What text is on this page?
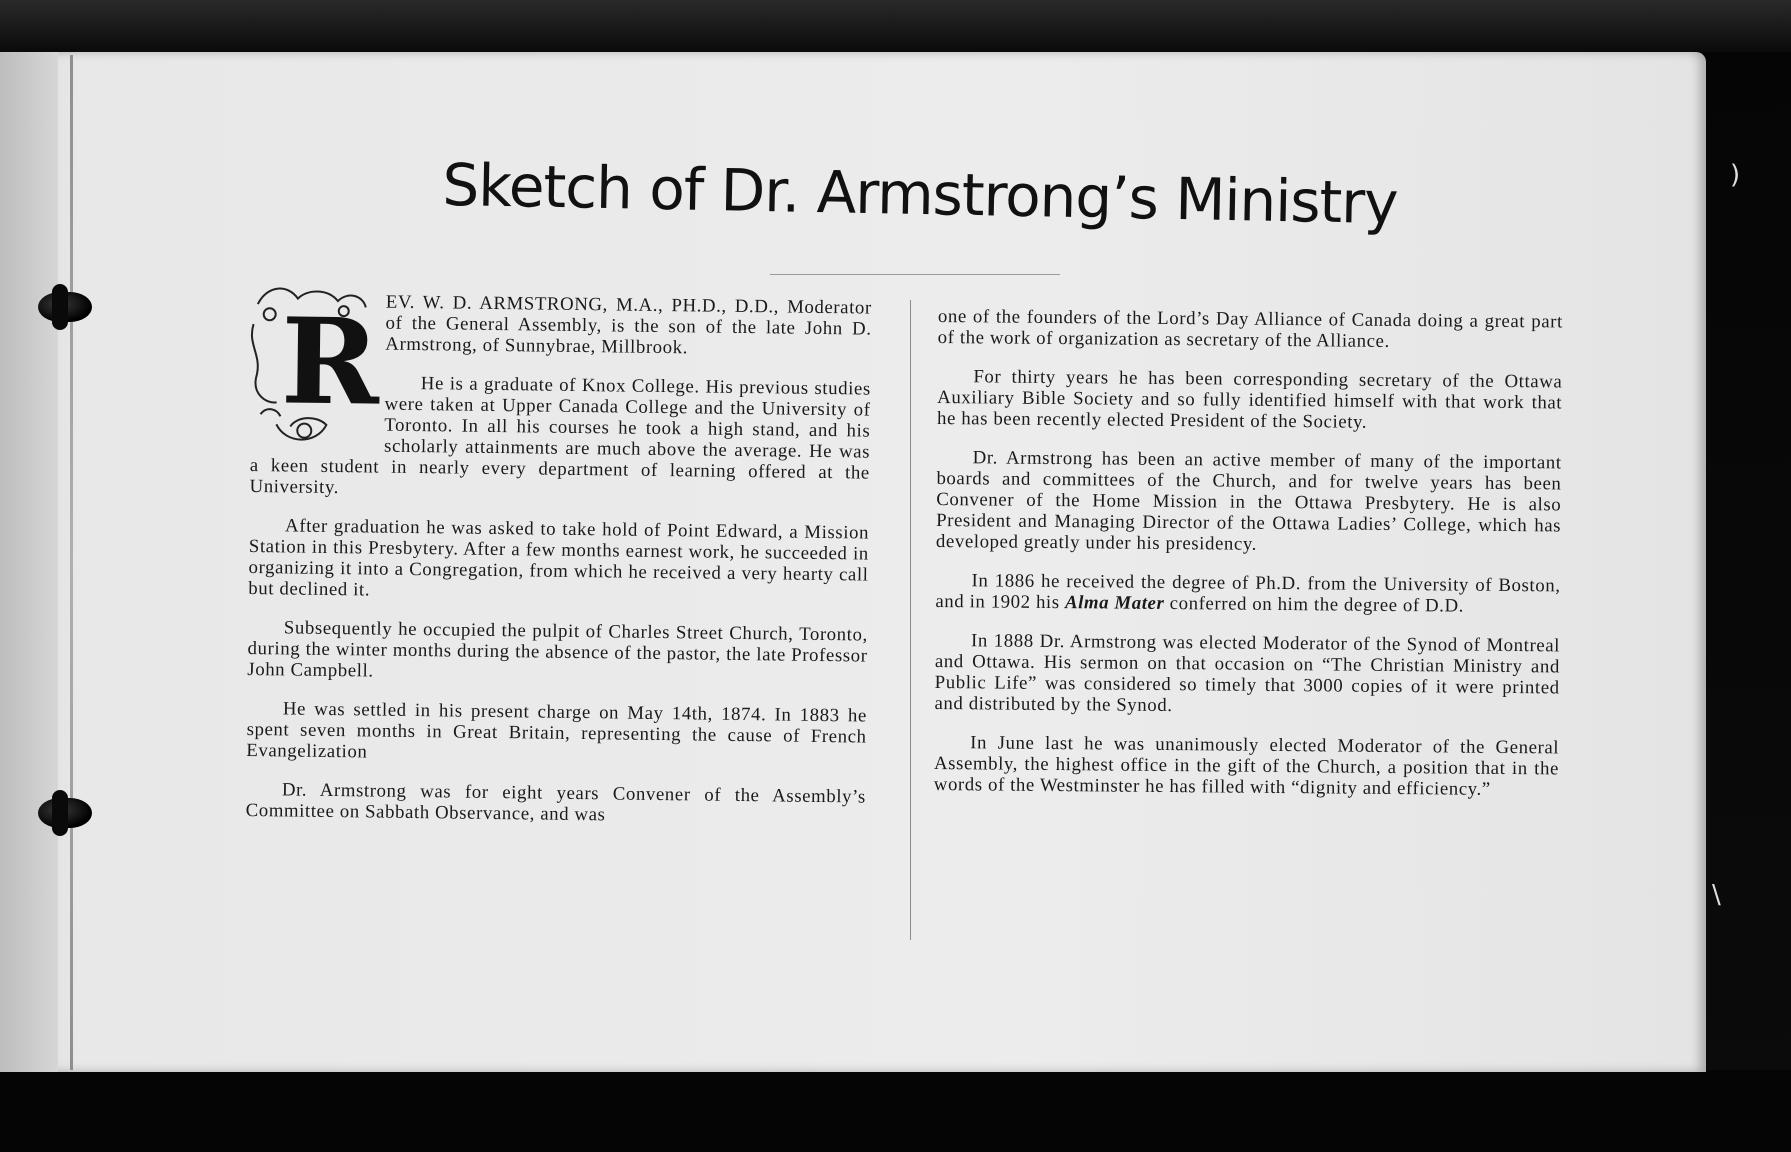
Sketch of Dr. Armstrong’s Ministry
R EV. W. D. ARMSTRONG, M.A., PH.D., D.D., Moderator of the General Assembly, is the son of the late John D. Armstrong, of Sunnybrae, Millbrook.

He is a graduate of Knox College. His previous studies were taken at Upper Canada College and the University of Toronto. In all his courses he took a high stand, and his scholarly attainments are much above the average. He was a keen student in nearly every department of learning offered at the University.

After graduation he was asked to take hold of Point Edward, a Mission Station in this Presbytery. After a few months earnest work, he succeeded in organizing it into a Congregation, from which he received a very hearty call but declined it.

Subsequently he occupied the pulpit of Charles Street Church, Toronto, during the winter months during the absence of the pastor, the late Professor John Campbell.

He was settled in his present charge on May 14th, 1874. In 1883 he spent seven months in Great Britain, representing the cause of French Evangelization

Dr. Armstrong was for eight years Convener of the Assembly’s Committee on Sabbath Observance, and was

one of the founders of the Lord’s Day Alliance of Canada doing a great part of the work of organization as secretary of the Alliance.

For thirty years he has been corresponding secretary of the Ottawa Auxiliary Bible Society and so fully identified himself with that work that he has been recently elected President of the Society.

Dr. Armstrong has been an active member of many of the important boards and committees of the Church, and for twelve years has been Convener of the Home Mission in the Ottawa Presbytery. He is also President and Managing Director of the Ottawa Ladies’ College, which has developed greatly under his presidency.

In 1886 he received the degree of Ph.D. from the University of Boston, and in 1902 his Alma Mater conferred on him the degree of D.D.

In 1888 Dr. Armstrong was elected Moderator of the Synod of Montreal and Ottawa. His sermon on that occasion on “The Christian Ministry and Public Life” was considered so timely that 3000 copies of it were printed and distributed by the Synod.

In June last he was unanimously elected Moderator of the General Assembly, the highest office in the gift of the Church, a position that in the words of the Westminster he has filled with “dignity and efficiency.”

)
\
